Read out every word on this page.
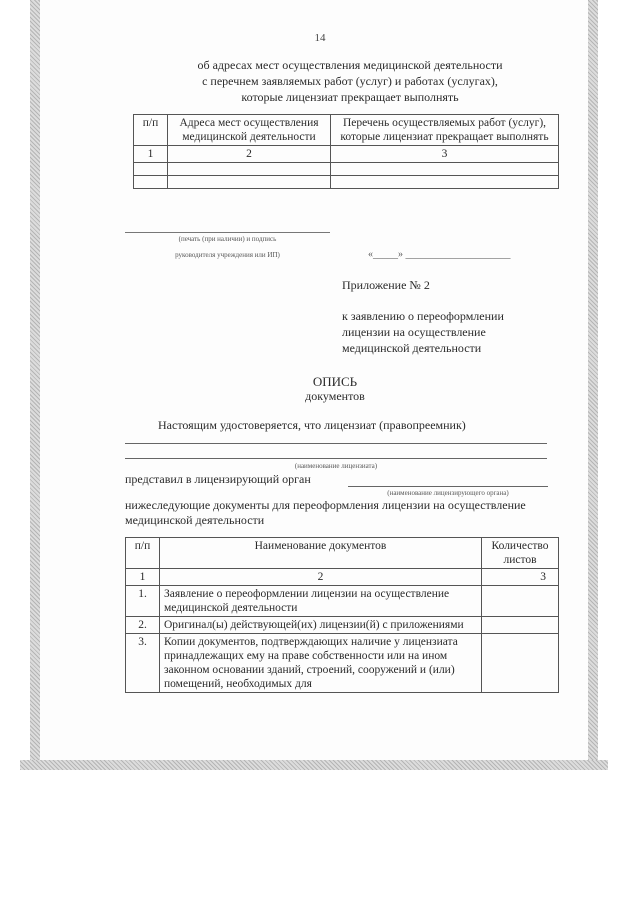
14
об адресах мест осуществления медицинской деятельности
с перечнем заявляемых работ (услуг) и работах (услугах),
которые лицензиат прекращает выполнять
п/п	Адреса мест осуществления медицинской деятельности	Перечень осуществляемых работ (услуг), которые лицензиат прекращает выполнять
1	2	3

(печать (при наличии) и подпись
руководителя учреждения или ИП)	«_____» _____________________
Приложение № 2
к заявлению о переоформлении
лицензии на осуществление
медицинской деятельности
ОПИСЬ
документов
Настоящим удостоверяется, что лицензиат (правопреемник)
(наименование лицензиата)
представил в лицензирующий орган
(наименование лицензирующего органа)
нижеследующие документы для переоформления лицензии на осуществление
медицинской деятельности
п/п	Наименование документов	Количество листов
1	2	3
1.	Заявление о переоформлении лицензии на осуществление медицинской деятельности	
2.	Оригинал(ы) действующей(их) лицензии(й) с приложениями	
3.	Копии документов, подтверждающих наличие у лицензиата принадлежащих ему на праве собственности или на ином законном основании зданий, строений, сооружений и (или) помещений, необходимых для	
